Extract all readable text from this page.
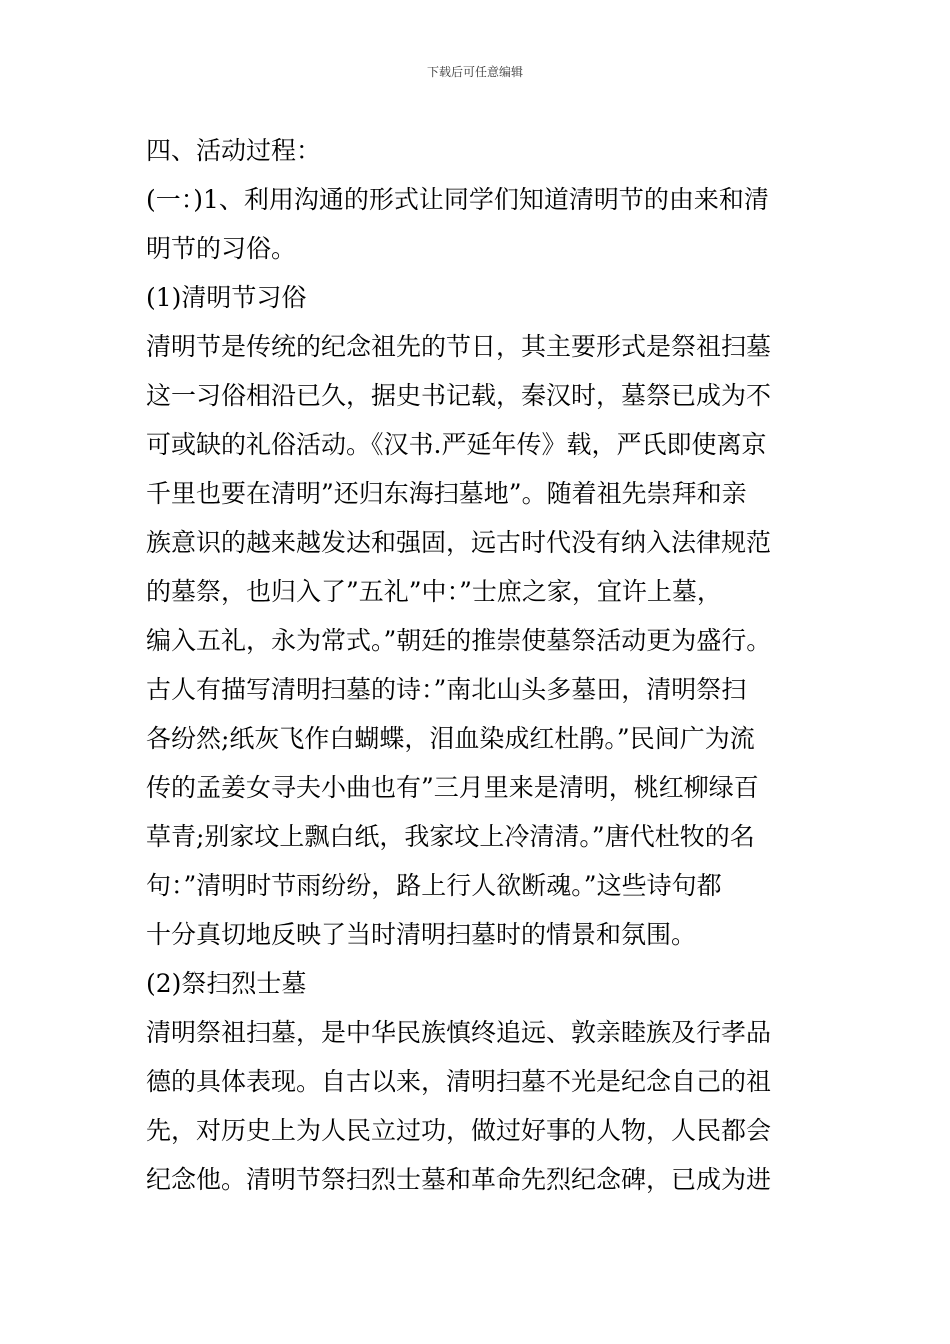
下载后可任意编辑
四、活动过程：
(一：)1、利用沟通的形式让同学们知道清明节的由来和清
明节的习俗。
(1)清明节习俗
清明节是传统的纪念祖先的节日，其主要形式是祭祖扫墓
这一习俗相沿已久，据史书记载，秦汉时，墓祭已成为不
可或缺的礼俗活动。《汉书.严延年传》载，严氏即使离京
千里也要在清明”还归东海扫墓地”。随着祖先崇拜和亲
族意识的越来越发达和强固，远古时代没有纳入法律规范
的墓祭，也归入了”五礼”中：”士庶之家，宜许上墓，
编入五礼，永为常式。”朝廷的推崇使墓祭活动更为盛行。
古人有描写清明扫墓的诗：”南北山头多墓田，清明祭扫
各纷然;纸灰飞作白蝴蝶，泪血染成红杜鹃。”民间广为流
传的孟姜女寻夫小曲也有”三月里来是清明，桃红柳绿百
草青;别家坟上飘白纸，我家坟上冷清清。”唐代杜牧的名
句：”清明时节雨纷纷，路上行人欲断魂。”这些诗句都
十分真切地反映了当时清明扫墓时的情景和氛围。
(2)祭扫烈士墓
清明祭祖扫墓，是中华民族慎终追远、敦亲睦族及行孝品
德的具体表现。自古以来，清明扫墓不光是纪念自己的祖
先，对历史上为人民立过功，做过好事的人物，人民都会
纪念他。清明节祭扫烈士墓和革命先烈纪念碑，已成为进
